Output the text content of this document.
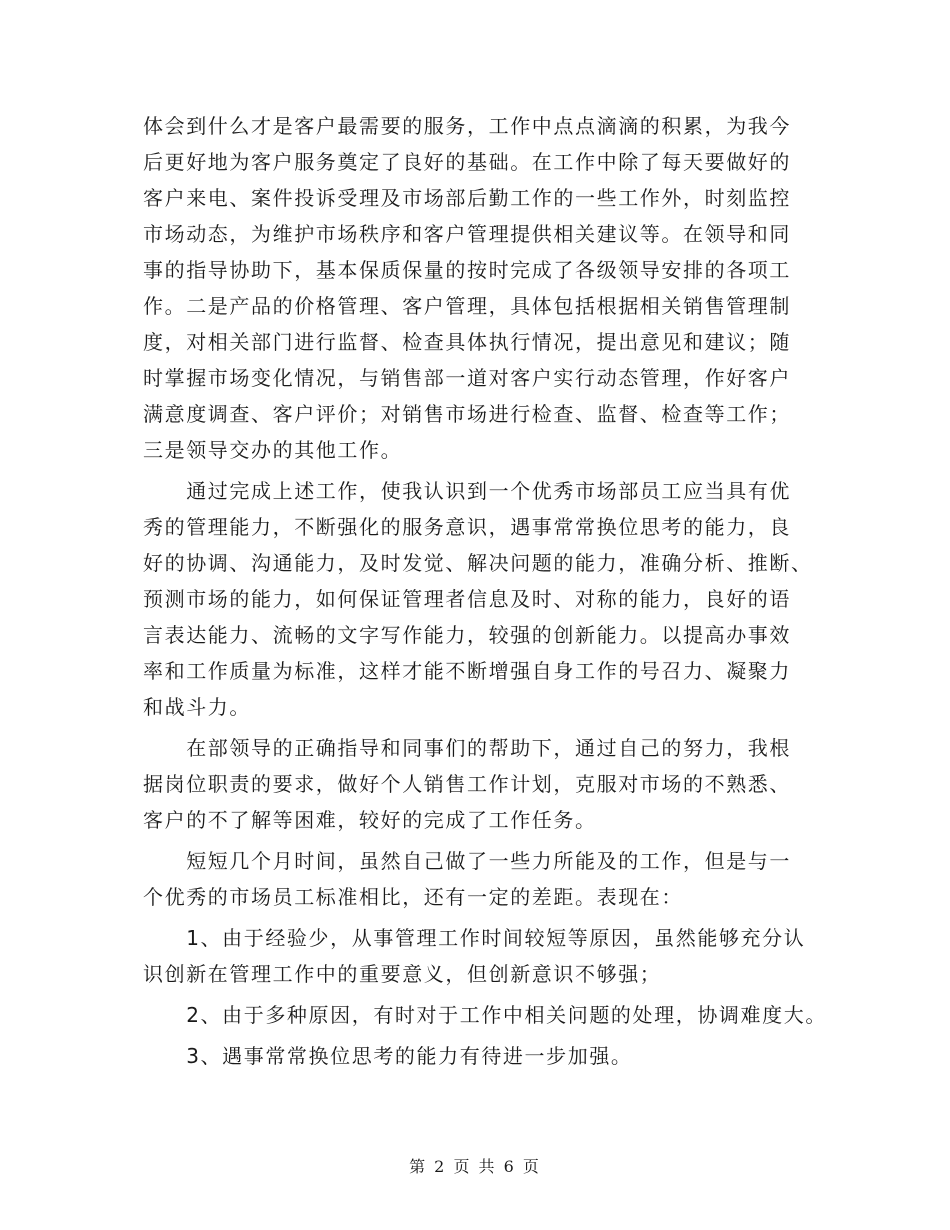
体会到什么才是客户最需要的服务，工作中点点滴滴的积累，为我今
后更好地为客户服务奠定了良好的基础。在工作中除了每天要做好的
客户来电、案件投诉受理及市场部后勤工作的一些工作外，时刻监控
市场动态，为维护市场秩序和客户管理提供相关建议等。在领导和同
事的指导协助下，基本保质保量的按时完成了各级领导安排的各项工
作。二是产品的价格管理、客户管理，具体包括根据相关销售管理制
度，对相关部门进行监督、检查具体执行情况，提出意见和建议；随
时掌握市场变化情况，与销售部一道对客户实行动态管理，作好客户
满意度调查、客户评价；对销售市场进行检查、监督、检查等工作；
三是领导交办的其他工作。
　　通过完成上述工作，使我认识到一个优秀市场部员工应当具有优
秀的管理能力，不断强化的服务意识，遇事常常换位思考的能力，良
好的协调、沟通能力，及时发觉、解决问题的能力，准确分析、推断、
预测市场的能力，如何保证管理者信息及时、对称的能力，良好的语
言表达能力、流畅的文字写作能力，较强的创新能力。以提高办事效
率和工作质量为标准，这样才能不断增强自身工作的号召力、凝聚力
和战斗力。
　　在部领导的正确指导和同事们的帮助下，通过自己的努力，我根
据岗位职责的要求，做好个人销售工作计划，克服对市场的不熟悉、
客户的不了解等困难，较好的完成了工作任务。
　　短短几个月时间，虽然自己做了一些力所能及的工作，但是与一
个优秀的市场员工标准相比，还有一定的差距。表现在：
　　1、由于经验少，从事管理工作时间较短等原因，虽然能够充分认
识创新在管理工作中的重要意义，但创新意识不够强；
　　2、由于多种原因，有时对于工作中相关问题的处理，协调难度大。
　　3、遇事常常换位思考的能力有待进一步加强。
第 2 页 共 6 页
